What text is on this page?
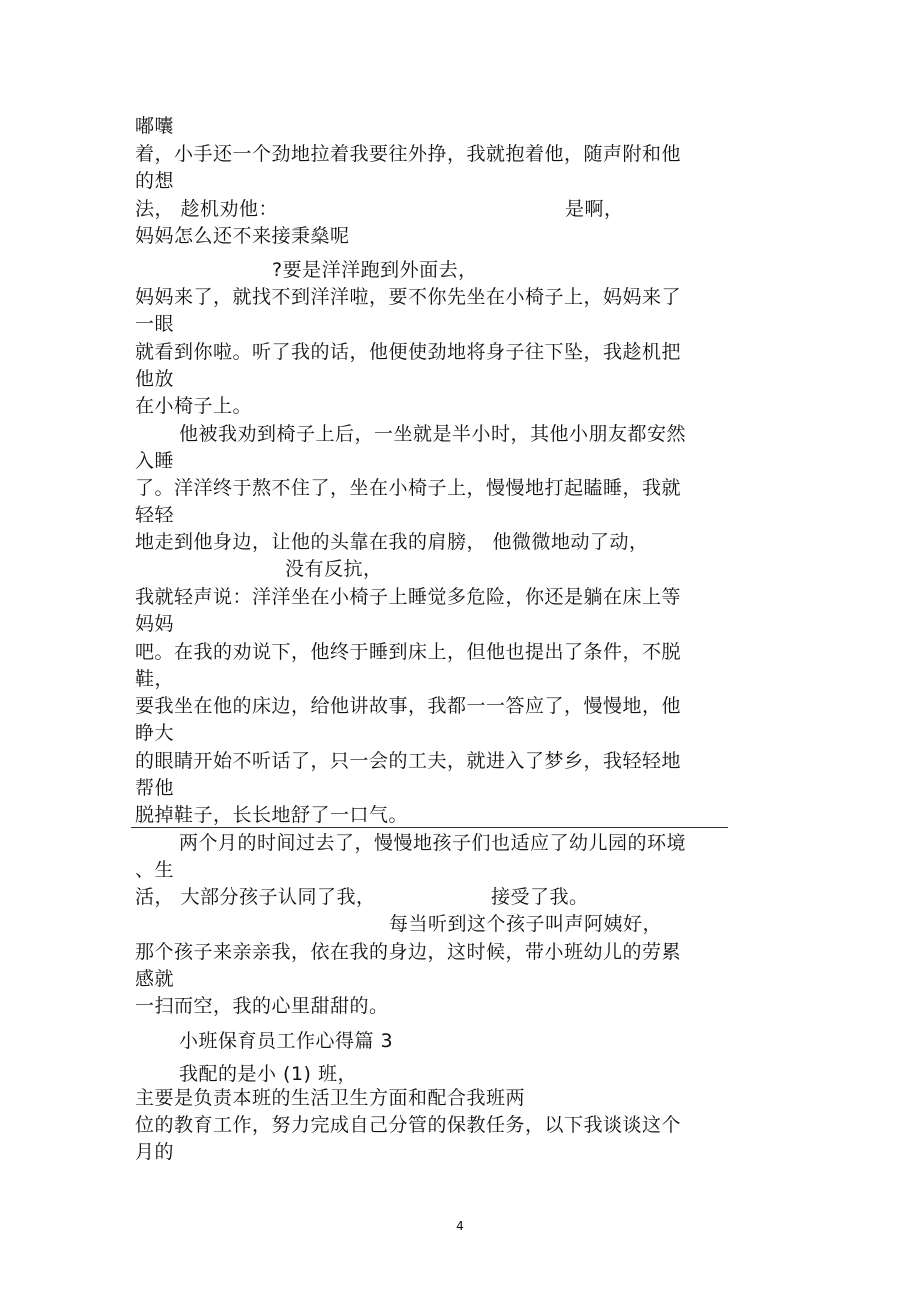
嘟囔
着，小手还一个劲地拉着我要往外挣，我就抱着他，随声附和他
的想
法， 趁机劝他：	是啊，
妈妈怎么还不来接秉燊呢
?要是洋洋跑到外面去，
妈妈来了，就找不到洋洋啦，要不你先坐在小椅子上，妈妈来了
一眼
就看到你啦。听了我的话，他便使劲地将身子往下坠，我趁机把
他放
在小椅子上。
他被我劝到椅子上后，一坐就是半小时，其他小朋友都安然
入睡
了。洋洋终于熬不住了，坐在小椅子上，慢慢地打起瞌睡，我就
轻轻
地走到他身边，让他的头靠在我的肩膀， 他微微地动了动，
没有反抗，
我就轻声说：洋洋坐在小椅子上睡觉多危险，你还是躺在床上等
妈妈
吧。在我的劝说下，他终于睡到床上，但他也提出了条件，不脱
鞋，
要我坐在他的床边，给他讲故事，我都一一答应了，慢慢地，他
睁大
的眼睛开始不听话了，只一会的工夫，就进入了梦乡，我轻轻地
帮他
脱掉鞋子，长长地舒了一口气。
两个月的时间过去了，慢慢地孩子们也适应了幼儿园的环境
、生
活， 大部分孩子认同了我，	接受了我。
每当听到这个孩子叫声阿姨好，
那个孩子来亲亲我，依在我的身边，这时候，带小班幼儿的劳累
感就
一扫而空，我的心里甜甜的。
小班保育员工作心得篇 3
我配的是小 (1) 班，
主要是负责本班的生活卫生方面和配合我班两
位的教育工作，努力完成自己分管的保教任务，以下我谈谈这个
月的
4
